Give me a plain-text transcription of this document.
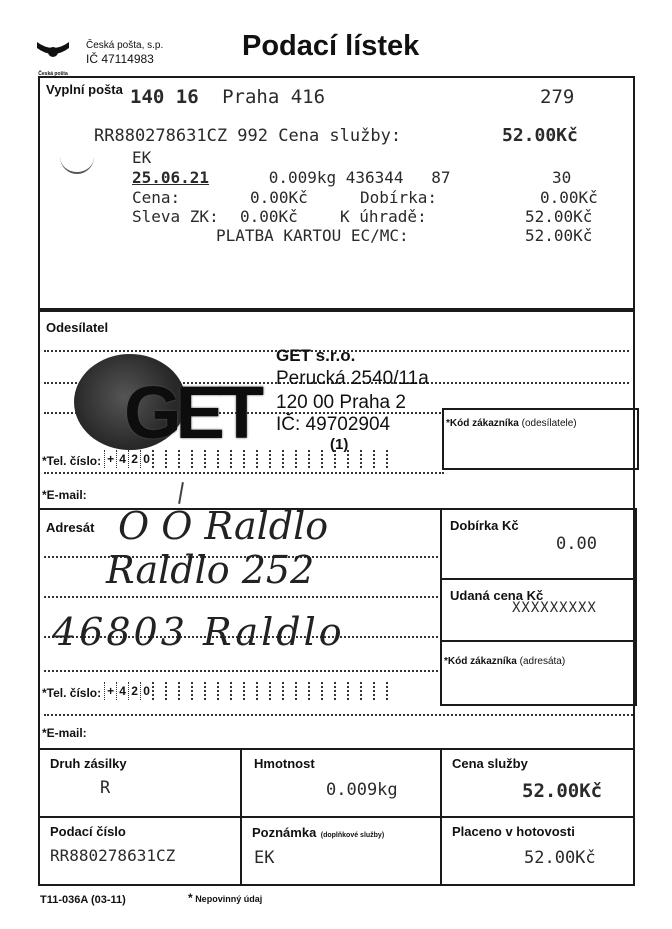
Česká pošta
Česká pošta, s.p.
IČ 47114983	Podací lístek
Vyplní pošta 140 16 Praha 416	279
RR880278631CZ 992 Cena služby:	52.00Kč
EK
25.06.21	0.009kg 436344 87	30
Cena:	0.00Kč	Dobírka:	0.00Kč
Sleva ZK: 0.00Kč	K úhradě:	52.00Kč
PLATBA KARTOU EC/MC:	52.00Kč
Odesílatel
GET
GET s.r.o.
Perucká 2540/11a
120 00 Praha 2
IČ: 49702904
(1)
*Kód zákazníka (odesílatele)
*Tel. číslo: + 4 2 0
*E-mail:
Adresát O O Raldlo
Raldlo 252
46803 Raldlo
Dobírka Kč
0.00
Udaná cena Kč
XXXXXXXXX
*Kód zákazníka (adresáta)
*Tel. číslo: + 4 2 0
*E-mail:
Druh zásilky
R
Hmotnost
0.009kg
Cena služby
52.00Kč
Podací číslo
RR880278631CZ
Poznámka (doplňkové služby)
EK
Placeno v hotovosti
52.00Kč
T11-036A (03-11)	* Nepovinný údaj
